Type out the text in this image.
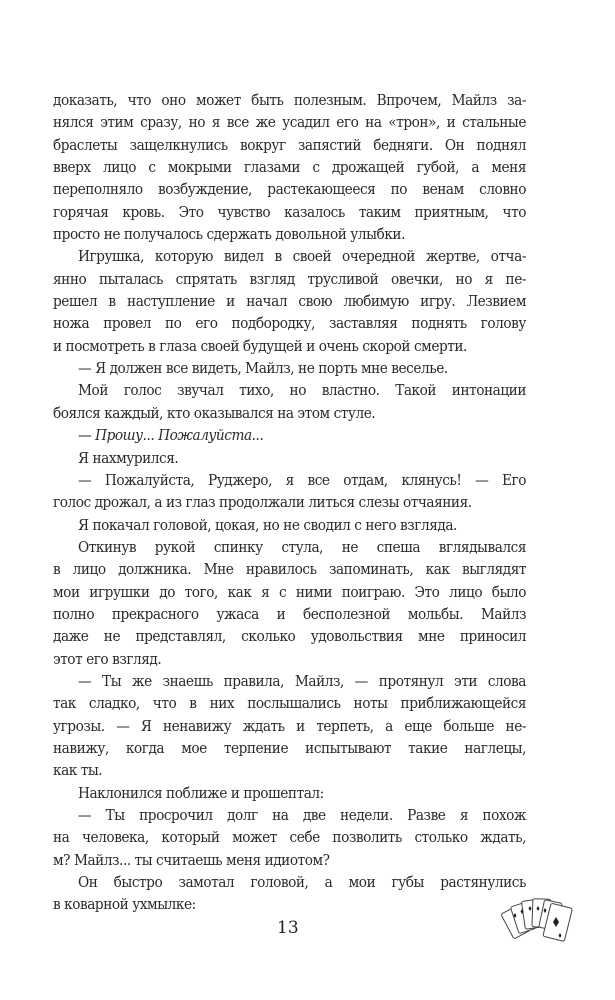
доказать, что оно может быть полезным. Впрочем, Майлз за-
нялся этим сразу, но я все же усадил его на «трон», и стальные
браслеты защелкнулись вокруг запястий бедняги. Он поднял
вверх лицо с мокрыми глазами с дрожащей губой, а меня
переполняло возбуждение, растекающееся по венам словно
горячая кровь. Это чувство казалось таким приятным, что
просто не получалось сдержать довольной улыбки.
Игрушка, которую видел в своей очередной жертве, отча-
янно пыталась спрятать взгляд трусливой овечки, но я пе-
решел в наступление и начал свою любимую игру. Лезвием
ножа провел по его подбородку, заставляя поднять голову
и посмотреть в глаза своей будущей и очень скорой смерти.
— Я должен все видеть, Майлз, не порть мне веселье.
Мой голос звучал тихо, но властно. Такой интонации
боялся каждый, кто оказывался на этом стуле.
— Прошу... Пожалуйста...
Я нахмурился.
— Пожалуйста, Руджеро, я все отдам, клянусь! — Его
голос дрожал, а из глаз продолжали литься слезы отчаяния.
Я покачал головой, цокая, но не сводил с него взгляда.
Откинув рукой спинку стула, не спеша вглядывался
в лицо должника. Мне нравилось запоминать, как выглядят
мои игрушки до того, как я с ними поиграю. Это лицо было
полно прекрасного ужаса и бесполезной мольбы. Майлз
даже не представлял, сколько удовольствия мне приносил
этот его взгляд.
— Ты же знаешь правила, Майлз, — протянул эти слова
так сладко, что в них послышались ноты приближающейся
угрозы. — Я ненавижу ждать и терпеть, а еще больше не-
навижу, когда мое терпение испытывают такие наглецы,
как ты.
Наклонился поближе и прошептал:
— Ты просрочил долг на две недели. Разве я похож
на человека, который может себе позволить столько ждать,
м? Майлз... ты считаешь меня идиотом?
Он быстро замотал головой, а мои губы растянулись
в коварной ухмылке:
13
